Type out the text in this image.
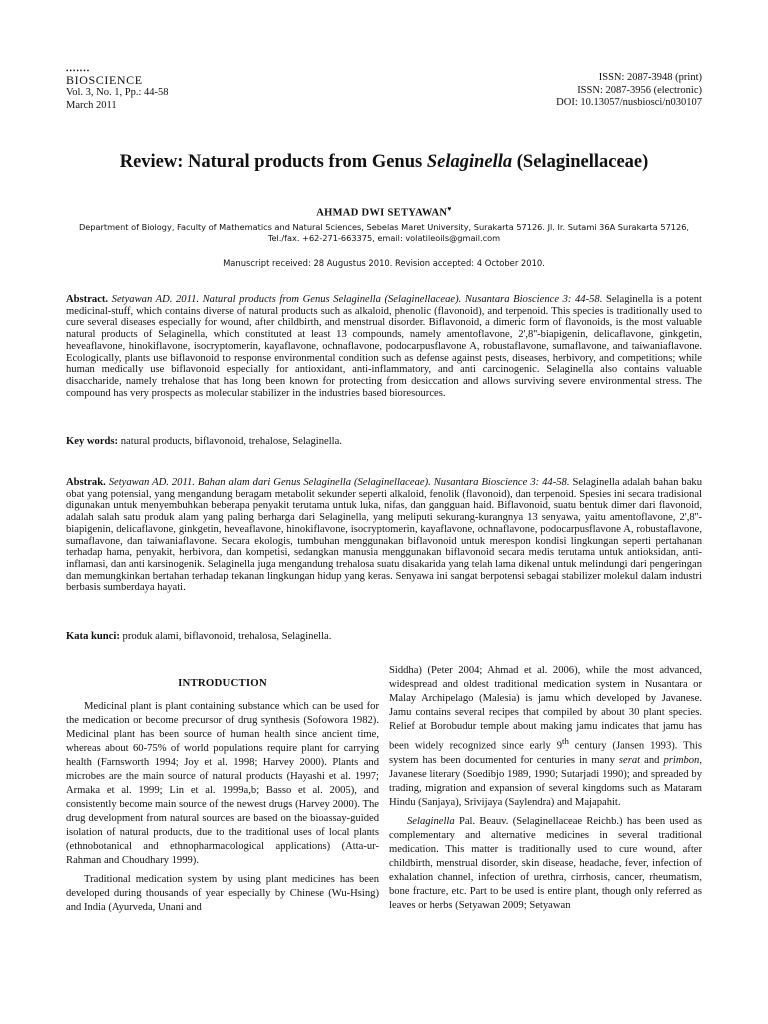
•••••••
BIOSCIENCE
Vol. 3, No. 1, Pp.: 44-58
March 2011
ISSN: 2087-3948 (print)
ISSN: 2087-3956 (electronic)
DOI: 10.13057/nusbiosci/n030107
Review: Natural products from Genus Selaginella (Selaginellaceae)
AHMAD DWI SETYAWAN♥
Department of Biology, Faculty of Mathematics and Natural Sciences, Sebelas Maret University, Surakarta 57126. Jl. Ir. Sutami 36A Surakarta 57126,
Tel./fax. +62-271-663375, email: volatileoils@gmail.com
Manuscript received: 28 Augustus 2010. Revision accepted: 4 October 2010.
Abstract. Setyawan AD. 2011. Natural products from Genus Selaginella (Selaginellaceae). Nusantara Bioscience 3: 44-58. Selaginella is a potent medicinal-stuff, which contains diverse of natural products such as alkaloid, phenolic (flavonoid), and terpenoid. This species is traditionally used to cure several diseases especially for wound, after childbirth, and menstrual disorder. Biflavonoid, a dimeric form of flavonoids, is the most valuable natural products of Selaginella, which constituted at least 13 compounds, namely amentoflavone, 2',8''-biapigenin, delicaflavone, ginkgetin, heveaflavone, hinokiflavone, isocryptomerin, kayaflavone, ochnaflavone, podocarpusflavone A, robustaflavone, sumaflavone, and taiwaniaflavone. Ecologically, plants use biflavonoid to response environmental condition such as defense against pests, diseases, herbivory, and competitions; while human medically use biflavonoid especially for antioxidant, anti-inflammatory, and anti carcinogenic. Selaginella also contains valuable disaccharide, namely trehalose that has long been known for protecting from desiccation and allows surviving severe environmental stress. The compound has very prospects as molecular stabilizer in the industries based bioresources.
Key words: natural products, biflavonoid, trehalose, Selaginella.
Abstrak. Setyawan AD. 2011. Bahan alam dari Genus Selaginella (Selaginellaceae). Nusantara Bioscience 3: 44-58. Selaginella adalah bahan baku obat yang potensial, yang mengandung beragam metabolit sekunder seperti alkaloid, fenolik (flavonoid), dan terpenoid. Spesies ini secara tradisional digunakan untuk menyembuhkan beberapa penyakit terutama untuk luka, nifas, dan gangguan haid. Biflavonoid, suatu bentuk dimer dari flavonoid, adalah salah satu produk alam yang paling berharga dari Selaginella, yang meliputi sekurang-kurangnya 13 senyawa, yaitu amentoflavone, 2',8''-biapigenin, delicaflavone, ginkgetin, heveaflavone, hinokiflavone, isocryptomerin, kayaflavone, ochnaflavone, podocarpusflavone A, robustaflavone, sumaflavone, dan taiwaniaflavone. Secara ekologis, tumbuhan menggunakan biflavonoid untuk merespon kondisi lingkungan seperti pertahanan terhadap hama, penyakit, herbivora, dan kompetisi, sedangkan manusia menggunakan biflavonoid secara medis terutama untuk antioksidan, anti-inflamasi, dan anti karsinogenik. Selaginella juga mengandung trehalosa suatu disakarida yang telah lama dikenal untuk melindungi dari pengeringan dan memungkinkan bertahan terhadap tekanan lingkungan hidup yang keras. Senyawa ini sangat berpotensi sebagai stabilizer molekul dalam industri berbasis sumberdaya hayati.
Kata kunci: produk alami, biflavonoid, trehalosa, Selaginella.
INTRODUCTION

Medicinal plant is plant containing substance which can be used for the medication or become precursor of drug synthesis (Sofowora 1982). Medicinal plant has been source of human health since ancient time, whereas about 60-75% of world populations require plant for carrying health (Farnsworth 1994; Joy et al. 1998; Harvey 2000). Plants and microbes are the main source of natural products (Hayashi et al. 1997; Armaka et al. 1999; Lin et al. 1999a,b; Basso et al. 2005), and consistently become main source of the newest drugs (Harvey 2000). The drug development from natural sources are based on the bioassay-guided isolation of natural products, due to the traditional uses of local plants (ethnobotanical and ethnopharmacological applications) (Atta-ur-Rahman and Choudhary 1999).

Traditional medication system by using plant medicines has been developed during thousands of year especially by Chinese (Wu-Hsing) and India (Ayurveda, Unani and

Siddha) (Peter 2004; Ahmad et al. 2006), while the most advanced, widespread and oldest traditional medication system in Nusantara or Malay Archipelago (Malesia) is jamu which developed by Javanese. Jamu contains several recipes that compiled by about 30 plant species. Relief at Borobudur temple about making jamu indicates that jamu has been widely recognized since early 9th century (Jansen 1993). This system has been documented for centuries in many serat and primbon, Javanese literary (Soedibjo 1989, 1990; Sutarjadi 1990); and spreaded by trading, migration and expansion of several kingdoms such as Mataram Hindu (Sanjaya), Srivijaya (Saylendra) and Majapahit.

Selaginella Pal. Beauv. (Selaginellaceae Reichb.) has been used as complementary and alternative medicines in several traditional medication. This matter is traditionally used to cure wound, after childbirth, menstrual disorder, skin disease, headache, fever, infection of exhalation channel, infection of urethra, cirrhosis, cancer, rheumatism, bone fracture, etc. Part to be used is entire plant, though only referred as leaves or herbs (Setyawan 2009; Setyawan
